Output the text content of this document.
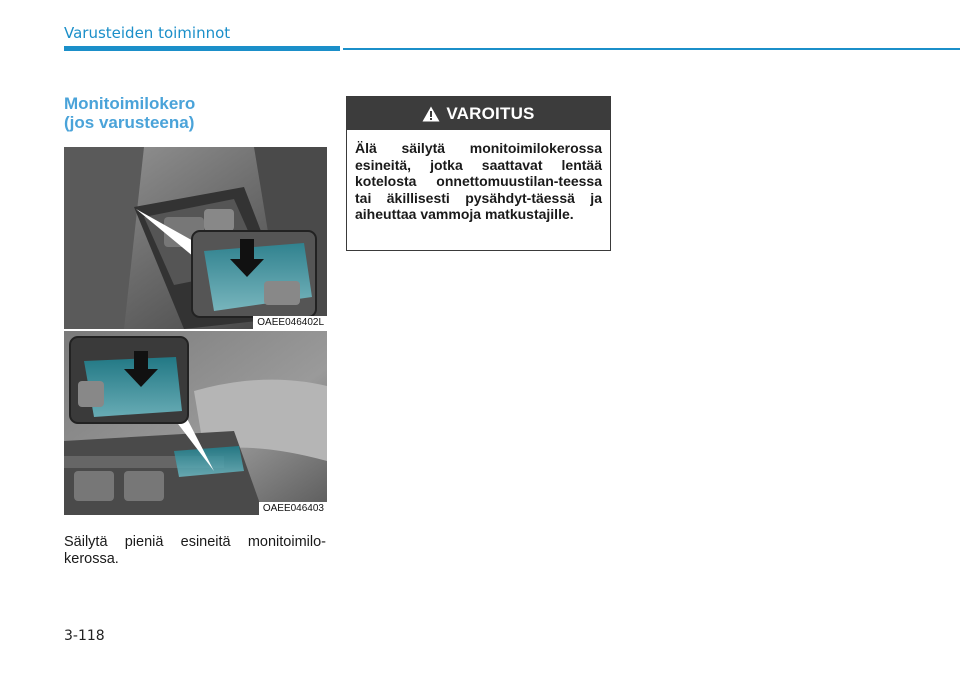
Varusteiden toiminnot
Monitoimilokero
(jos varusteena)
OAEE046402L
OAEE046403
Säilytä pieniä esineitä monitoimilo-kerossa.
VAROITUS
Älä säilytä monitoimilokerossa esineitä, jotka saattavat lentää kotelosta onnettomuustilan-teessa tai äkillisesti pysähdyt-täessä ja aiheuttaa vammoja matkustajille.
3-118
